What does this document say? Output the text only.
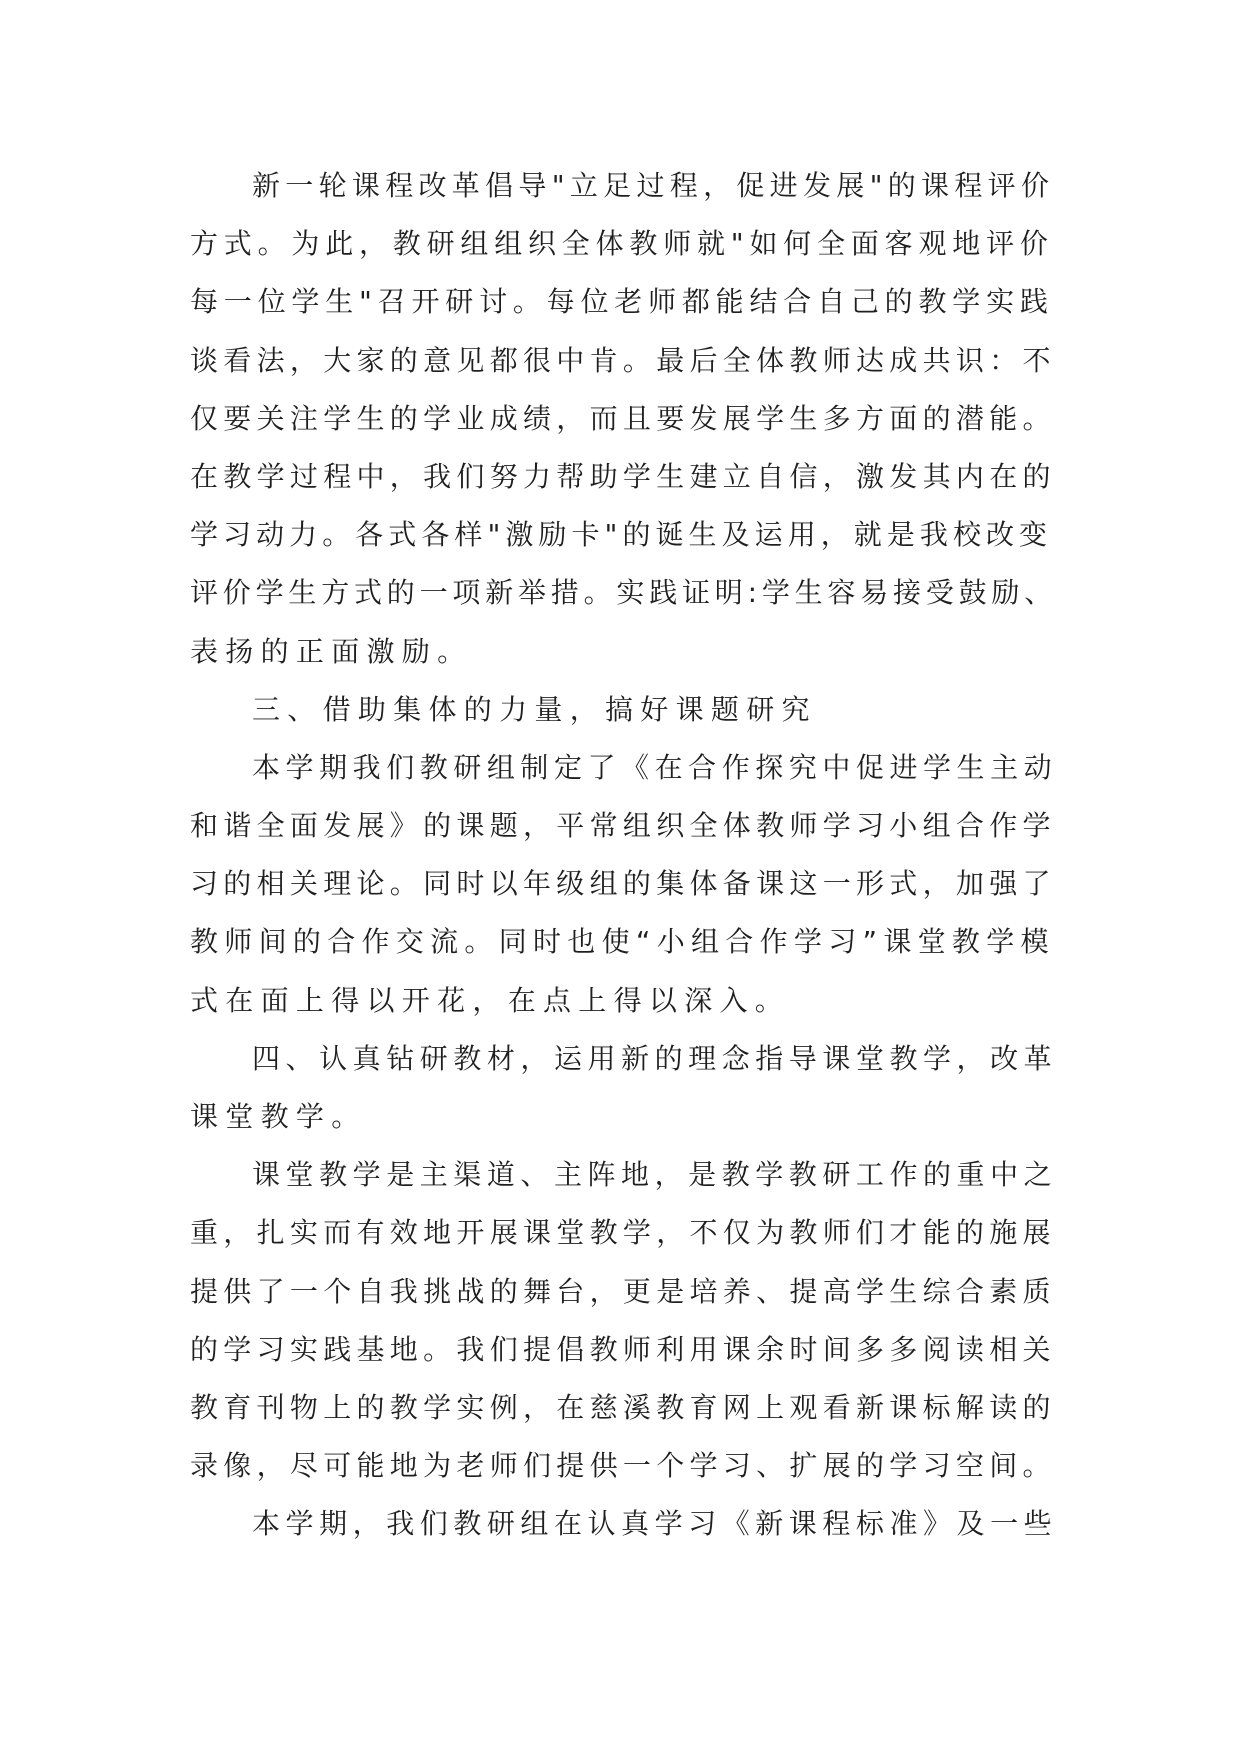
新一轮课程改革倡导"立足过程，促进发展"的课程评价
方式。为此，教研组组织全体教师就"如何全面客观地评价
每一位学生"召开研讨。每位老师都能结合自己的教学实践
谈看法，大家的意见都很中肯。最后全体教师达成共识：不
仅要关注学生的学业成绩，而且要发展学生多方面的潜能。
在教学过程中，我们努力帮助学生建立自信，激发其内在的
学习动力。各式各样"激励卡"的诞生及运用，就是我校改变
评价学生方式的一项新举措。实践证明:学生容易接受鼓励、
表扬的正面激励。
三、借助集体的力量，搞好课题研究
本学期我们教研组制定了《在合作探究中促进学生主动
和谐全面发展》的课题，平常组织全体教师学习小组合作学
习的相关理论。同时以年级组的集体备课这一形式，加强了
教师间的合作交流。同时也使“小组合作学习”课堂教学模
式在面上得以开花，在点上得以深入。
四、认真钻研教材，运用新的理念指导课堂教学，改革
课堂教学。
课堂教学是主渠道、主阵地，是教学教研工作的重中之
重，扎实而有效地开展课堂教学，不仅为教师们才能的施展
提供了一个自我挑战的舞台，更是培养、提高学生综合素质
的学习实践基地。我们提倡教师利用课余时间多多阅读相关
教育刊物上的教学实例，在慈溪教育网上观看新课标解读的
录像，尽可能地为老师们提供一个学习、扩展的学习空间。
本学期，我们教研组在认真学习《新课程标准》及一些
